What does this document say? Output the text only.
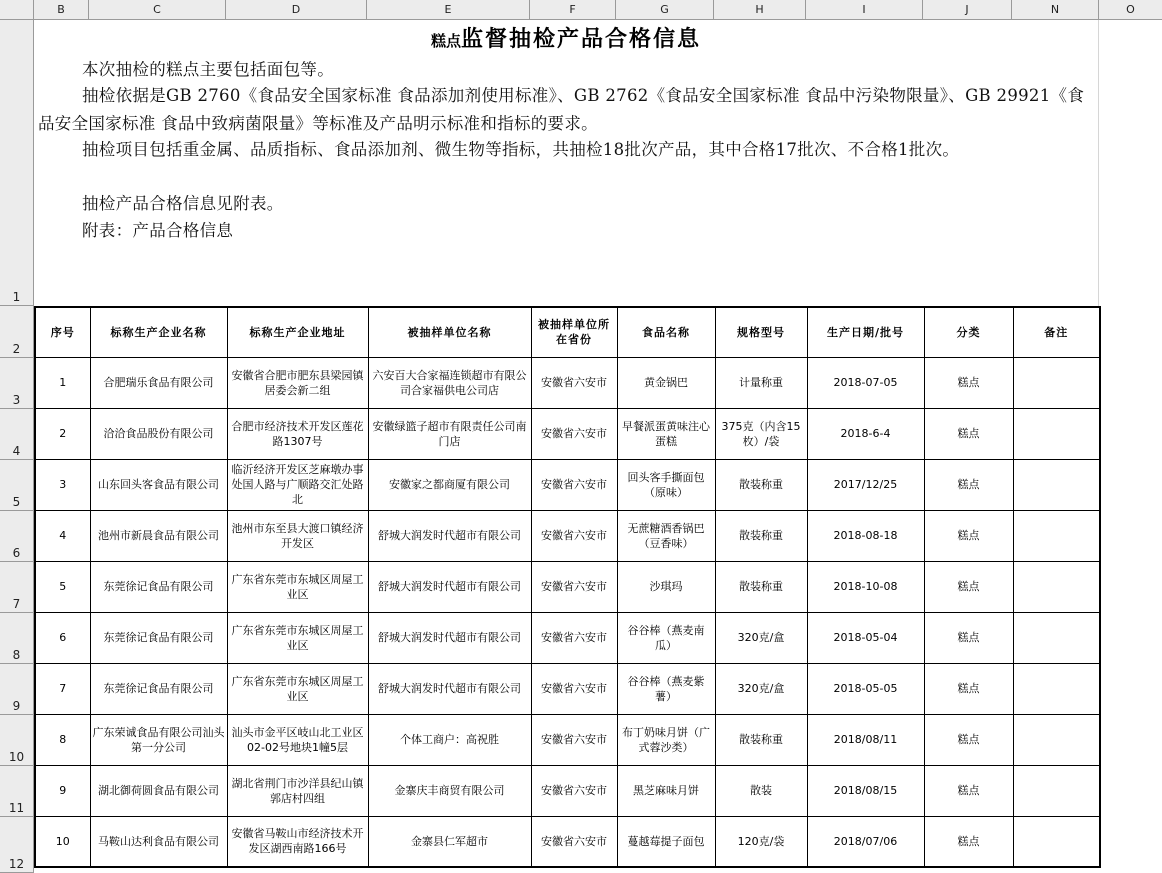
B	C	D	E	F	G	H	I	J	N	O
1
2
3
4
5
6
7
8
9
10
11
12
糕点监督抽检产品合格信息
本次抽检的糕点主要包括面包等。
抽检依据是GB 2760《食品安全国家标准 食品添加剂使用标准》、GB 2762《食品安全国家标准 食品中污染物限量》、GB 29921《食品安全国家标准 食品中致病菌限量》等标准及产品明示标准和指标的要求。
抽检项目包括重金属、品质指标、食品添加剂、微生物等指标，共抽检18批次产品，其中合格17批次、不合格1批次。
抽检产品合格信息见附表。
附表：产品合格信息
序号	标称生产企业名称	标称生产企业地址	被抽样单位名称	被抽样单位所在省份	食品名称	规格型号	生产日期/批号	分类	备注
1	合肥瑞乐食品有限公司	安徽省合肥市肥东县梁园镇居委会新二组	六安百大合家福连锁超市有限公司合家福供电公司店	安徽省六安市	黄金锅巴	计量称重	2018-07-05	糕点	
2	洽洽食品股份有限公司	合肥市经济技术开发区莲花路1307号	安徽绿篮子超市有限责任公司南门店	安徽省六安市	早餐派蛋黄味注心蛋糕	375克（内含15枚）/袋	2018-6-4	糕点	
3	山东回头客食品有限公司	临沂经济开发区芝麻墩办事处国人路与广顺路交汇处路北	安徽家之都商厦有限公司	安徽省六安市	回头客手撕面包（原味）	散装称重	2017/12/25	糕点	
4	池州市新晨食品有限公司	池州市东至县大渡口镇经济开发区	舒城大润发时代超市有限公司	安徽省六安市	无蔗糖酒香锅巴（豆香味）	散装称重	2018-08-18	糕点	
5	东莞徐记食品有限公司	广东省东莞市东城区周屋工业区	舒城大润发时代超市有限公司	安徽省六安市	沙琪玛	散装称重	2018-10-08	糕点	
6	东莞徐记食品有限公司	广东省东莞市东城区周屋工业区	舒城大润发时代超市有限公司	安徽省六安市	谷谷棒（燕麦南瓜）	320克/盒	2018-05-04	糕点	
7	东莞徐记食品有限公司	广东省东莞市东城区周屋工业区	舒城大润发时代超市有限公司	安徽省六安市	谷谷棒（燕麦紫薯）	320克/盒	2018-05-05	糕点	
8	广东荣诚食品有限公司汕头第一分公司	汕头市金平区岐山北工业区02-02号地块1幢5层	个体工商户：高祝胜	安徽省六安市	布丁奶味月饼（广式蓉沙类）	散装称重	2018/08/11	糕点	
9	湖北御荷圆食品有限公司	湖北省荆门市沙洋县纪山镇郭店村四组	金寨庆丰商贸有限公司	安徽省六安市	黑芝麻味月饼	散装	2018/08/15	糕点	
10	马鞍山达利食品有限公司	安徽省马鞍山市经济技术开发区湖西南路166号	金寨县仁军超市	安徽省六安市	蔓越莓提子面包	120克/袋	2018/07/06	糕点	
